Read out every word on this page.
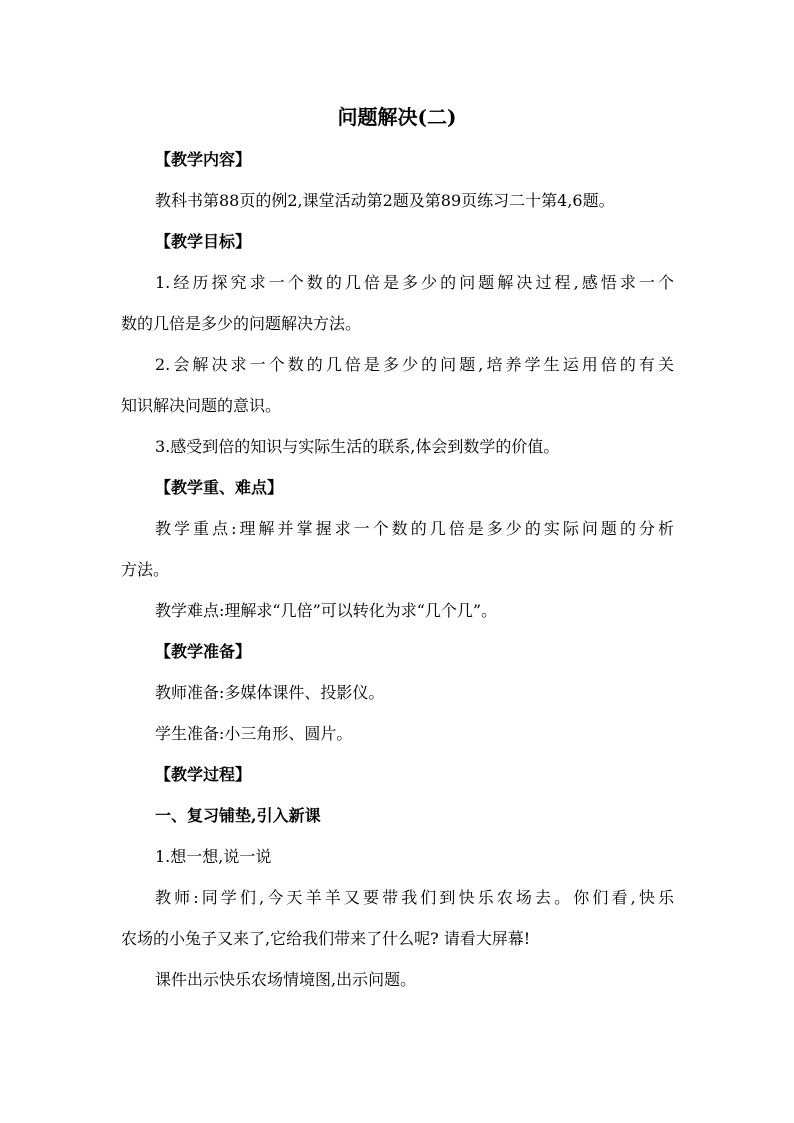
问题解决(二)
【教学内容】
教科书第88页的例2,课堂活动第2题及第89页练习二十第4,6题。
【教学目标】
1.经历探究求一个数的几倍是多少的问题解决过程,感悟求一个
数的几倍是多少的问题解决方法。
2.会解决求一个数的几倍是多少的问题,培养学生运用倍的有关
知识解决问题的意识。
3.感受到倍的知识与实际生活的联系,体会到数学的价值。
【教学重、难点】
教学重点:理解并掌握求一个数的几倍是多少的实际问题的分析
方法。
教学难点:理解求“几倍”可以转化为求“几个几”。
【教学准备】
教师准备:多媒体课件、投影仪。
学生准备:小三角形、圆片。
【教学过程】
一、复习铺垫,引入新课
1.想一想,说一说
教师:同学们,今天羊羊又要带我们到快乐农场去。你们看,快乐
农场的小兔子又来了,它给我们带来了什么呢? 请看大屏幕!
课件出示快乐农场情境图,出示问题。
